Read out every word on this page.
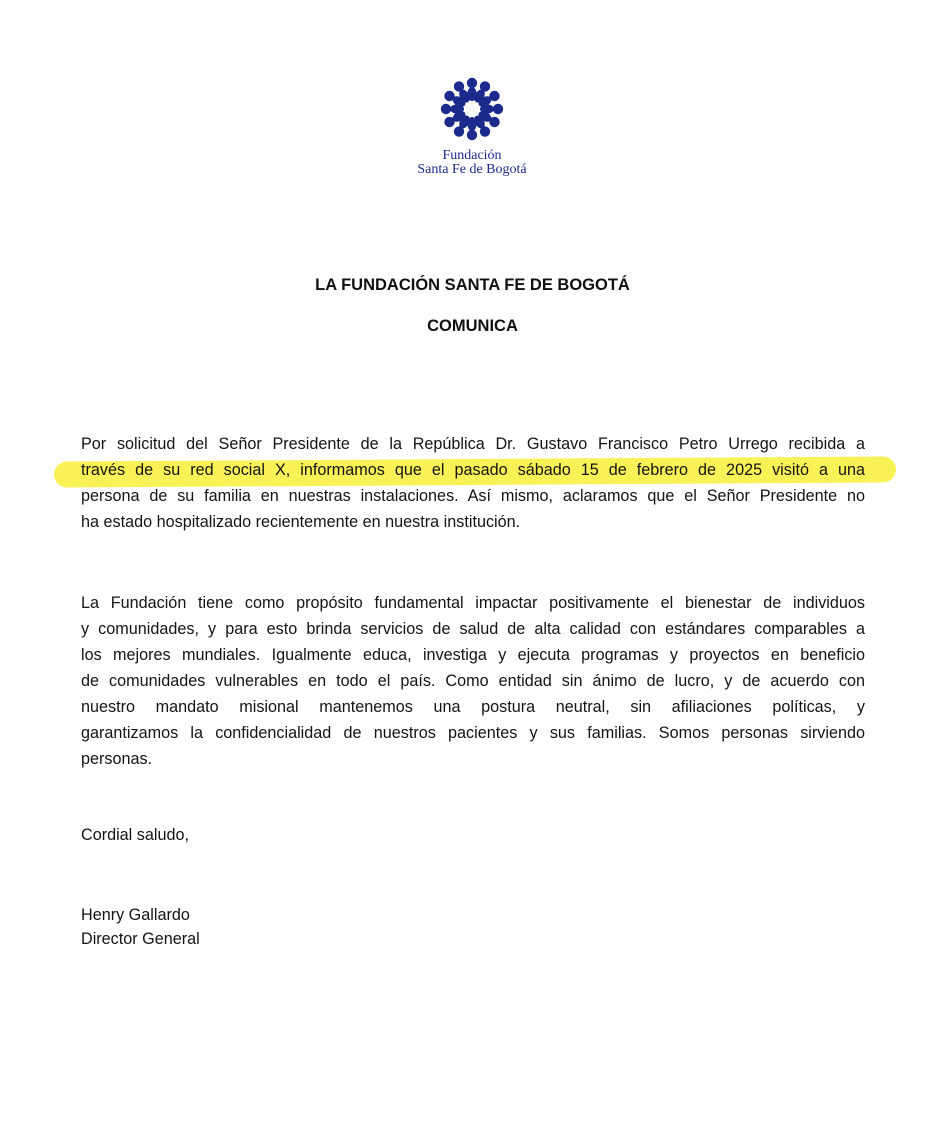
Fundación
Santa Fe de Bogotá
LA FUNDACIÓN SANTA FE DE BOGOTÁ
COMUNICA
Por solicitud del Señor Presidente de la República Dr. Gustavo Francisco Petro Urrego recibida a
través de su red social X, informamos que el pasado sábado 15 de febrero de 2025 visitó a una
persona de su familia en nuestras instalaciones. Así mismo, aclaramos que el Señor Presidente no
ha estado hospitalizado recientemente en nuestra institución.
La Fundación tiene como propósito fundamental impactar positivamente el bienestar de individuos
y comunidades, y para esto brinda servicios de salud de alta calidad con estándares comparables a
los mejores mundiales. Igualmente educa, investiga y ejecuta programas y proyectos en beneficio
de comunidades vulnerables en todo el país. Como entidad sin ánimo de lucro, y de acuerdo con
nuestro mandato misional mantenemos una postura neutral, sin afiliaciones políticas, y
garantizamos la confidencialidad de nuestros pacientes y sus familias. Somos personas sirviendo
personas.
Cordial saludo,
Henry Gallardo
Director General
